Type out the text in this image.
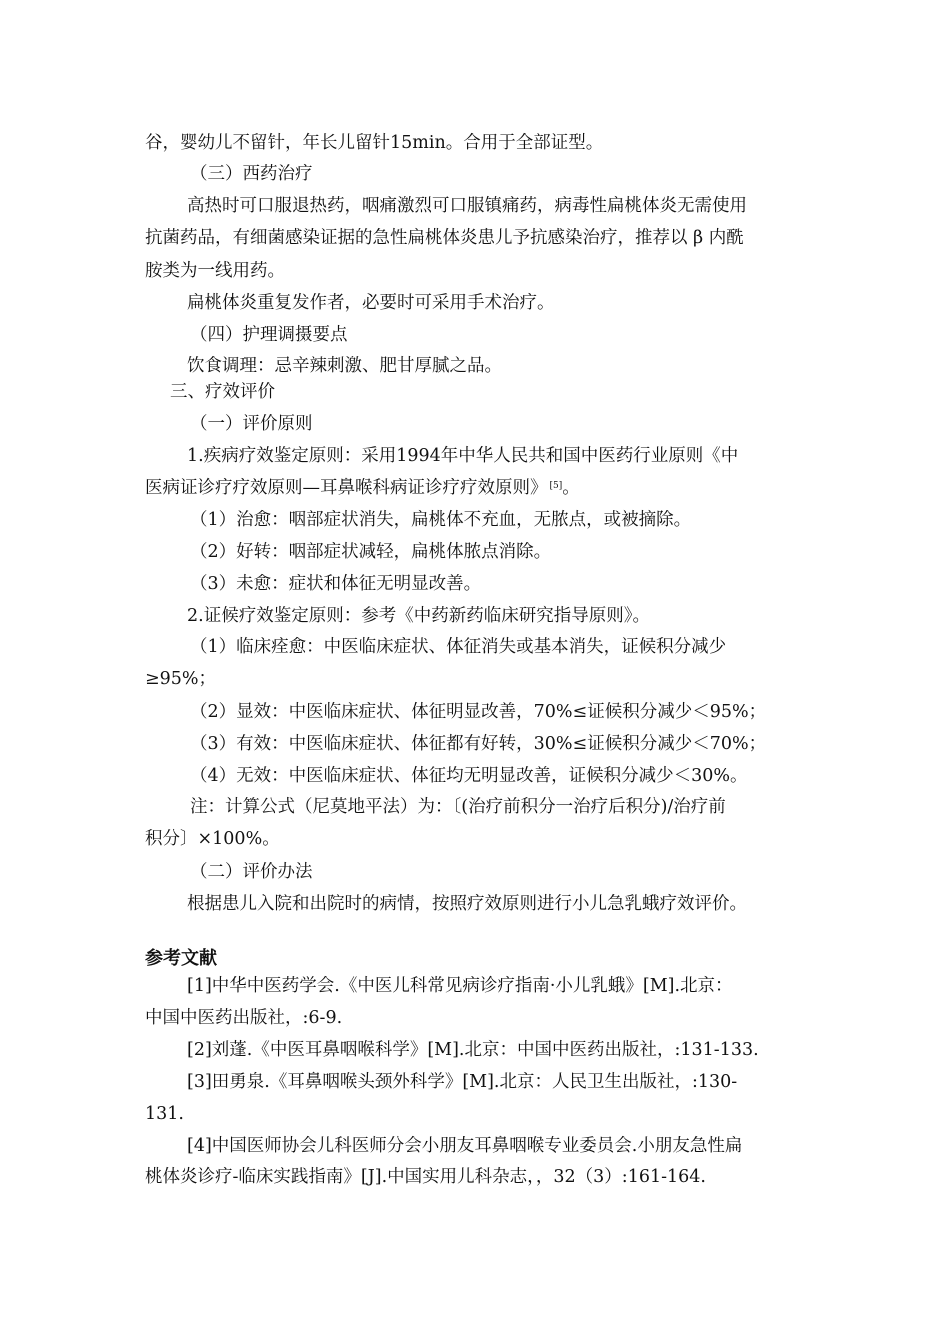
谷，婴幼儿不留针，年长儿留针15min。合用于全部证型。
（三）西药治疗
高热时可口服退热药，咽痛激烈可口服镇痛药，病毒性扁桃体炎无需使用
抗菌药品，有细菌感染证据的急性扁桃体炎患儿予抗感染治疗，推荐以 β 内酰
胺类为一线用药。
扁桃体炎重复发作者，必要时可采用手术治疗。
（四）护理调摄要点
饮食调理：忌辛辣刺激、肥甘厚腻之品。
三、疗效评价
（一）评价原则
1.疾病疗效鉴定原则：采用1994年中华人民共和国中医药行业原则《中
医病证诊疗疗效原则—耳鼻喉科病证诊疗疗效原则》 [5]。
（1）治愈：咽部症状消失，扁桃体不充血，无脓点，或被摘除。
（2）好转：咽部症状减轻，扁桃体脓点消除。
（3）未愈：症状和体征无明显改善。
2.证候疗效鉴定原则：参考《中药新药临床研究指导原则》。
（1）临床痊愈：中医临床症状、体征消失或基本消失，证候积分减少
≥95%；
（2）显效：中医临床症状、体征明显改善，70%≤证候积分减少＜95%；
（3）有效：中医临床症状、体征都有好转，30%≤证候积分减少＜70%；
（4）无效：中医临床症状、体征均无明显改善，证候积分减少＜30%。
注：计算公式（尼莫地平法）为：〔(治疗前积分一治疗后积分)/治疗前
积分〕×100%。
（二）评价办法
根据患儿入院和出院时的病情，按照疗效原则进行小儿急乳蛾疗效评价。
参考文献
[1]中华中医药学会.《中医儿科常见病诊疗指南·小儿乳蛾》[M].北京：
中国中医药出版社，:6-9.
[2]刘蓬.《中医耳鼻咽喉科学》[M].北京：中国中医药出版社，:131-133.
[3]田勇泉.《耳鼻咽喉头颈外科学》[M].北京：人民卫生出版社，:130-
131.
[4]中国医师协会儿科医师分会小朋友耳鼻咽喉专业委员会.小朋友急性扁
桃体炎诊疗-临床实践指南》[J].中国实用儿科杂志，，32（3）:161-164.
